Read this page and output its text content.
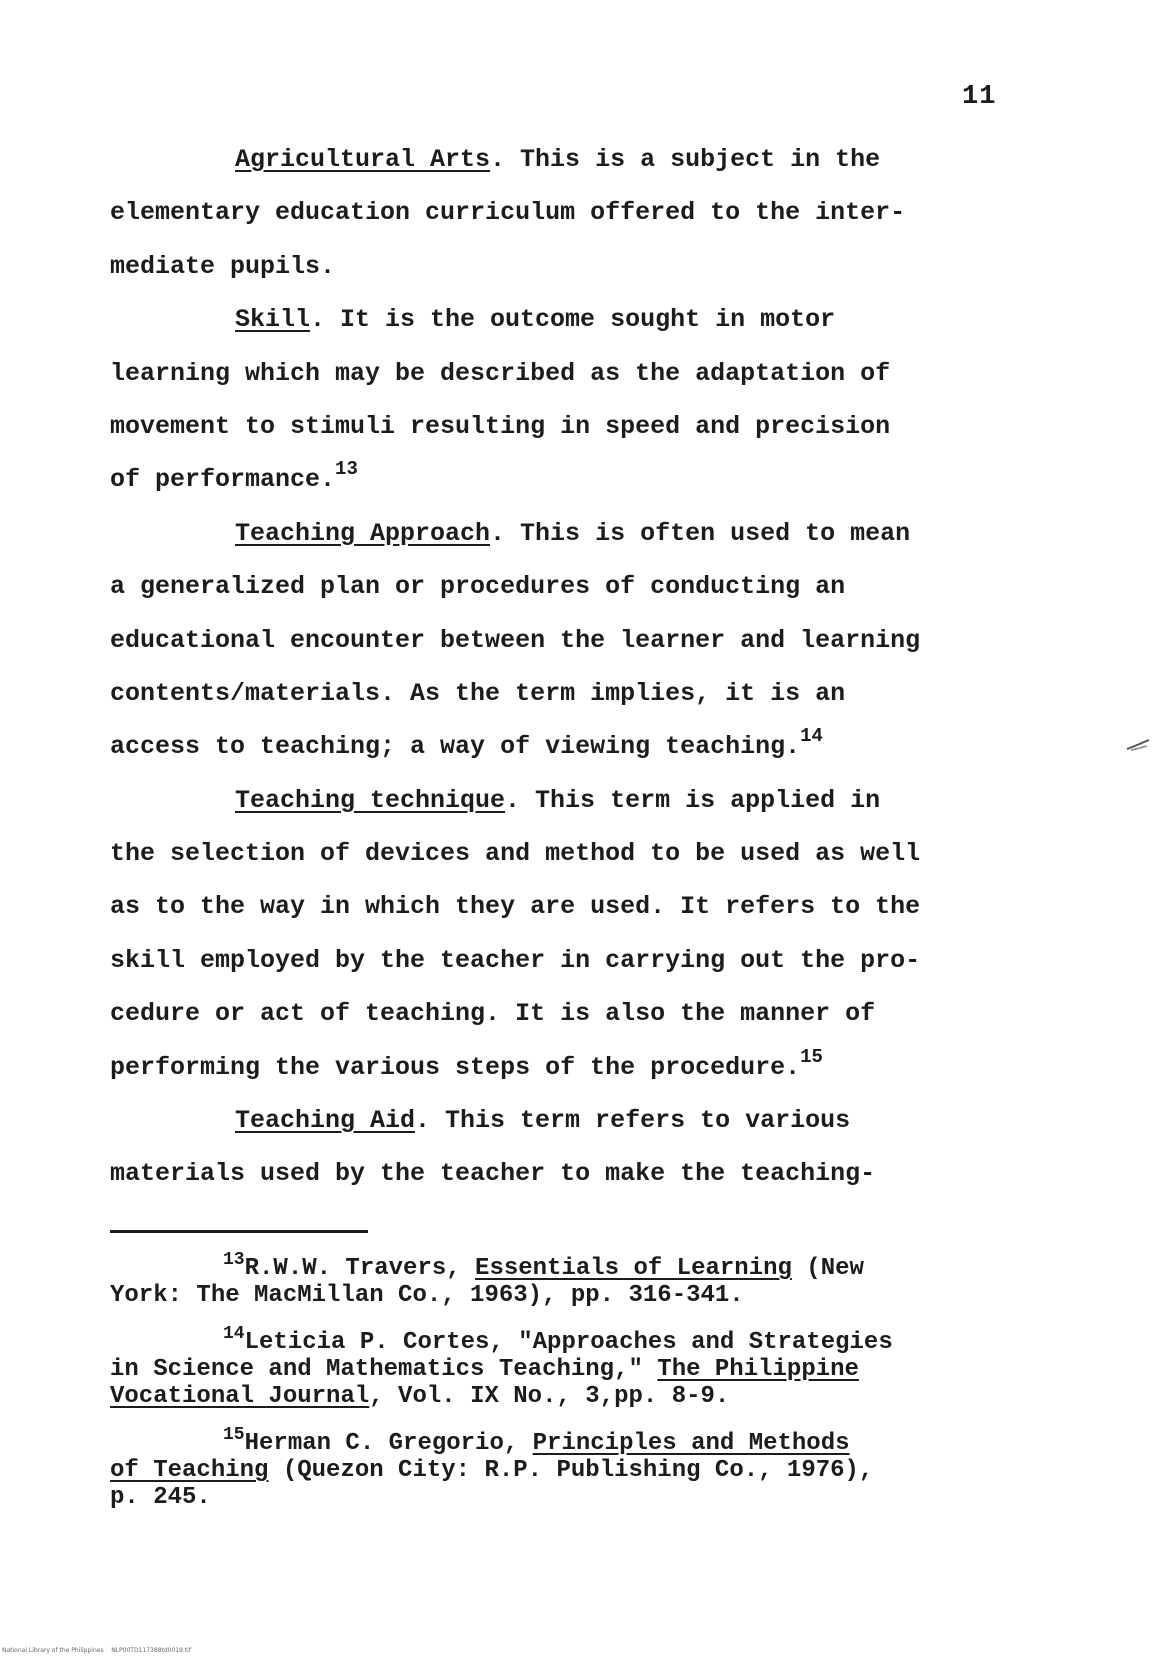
11
Agricultural Arts. This is a subject in the
elementary education curriculum offered to the inter-
mediate pupils.
Skill. It is the outcome sought in motor
learning which may be described as the adaptation of
movement to stimuli resulting in speed and precision
of performance.$^{13}$
Teaching Approach. This is often used to mean
a generalized plan or procedures of conducting an
educational encounter between the learner and learning
contents/materials. As the term implies, it is an
access to teaching; a way of viewing teaching.$^{14}$
Teaching technique. This term is applied in
the selection of devices and method to be used as well
as to the way in which they are used. It refers to the
skill employed by the teacher in carrying out the pro-
cedure or act of teaching. It is also the manner of
performing the various steps of the procedure.$^{15}$
Teaching Aid. This term refers to various
materials used by the teacher to make the teaching-
$^{13}$R.W.W. Travers, Essentials of Learning (New
York: The MacMillan Co., 1963), pp. 316-341.
$^{14}$Leticia P. Cortes, "Approaches and Strategies
in Science and Mathematics Teaching," The Philippine
Vocational Journal, Vol. IX No., 3,pp. 8-9.
$^{15}$Herman C. Gregorio, Principles and Methods
of Teaching (Quezon City: R.P. Publishing Co., 1976),
p. 245.
National Library of the Philippines    NLP00TD117388td0019.tif
